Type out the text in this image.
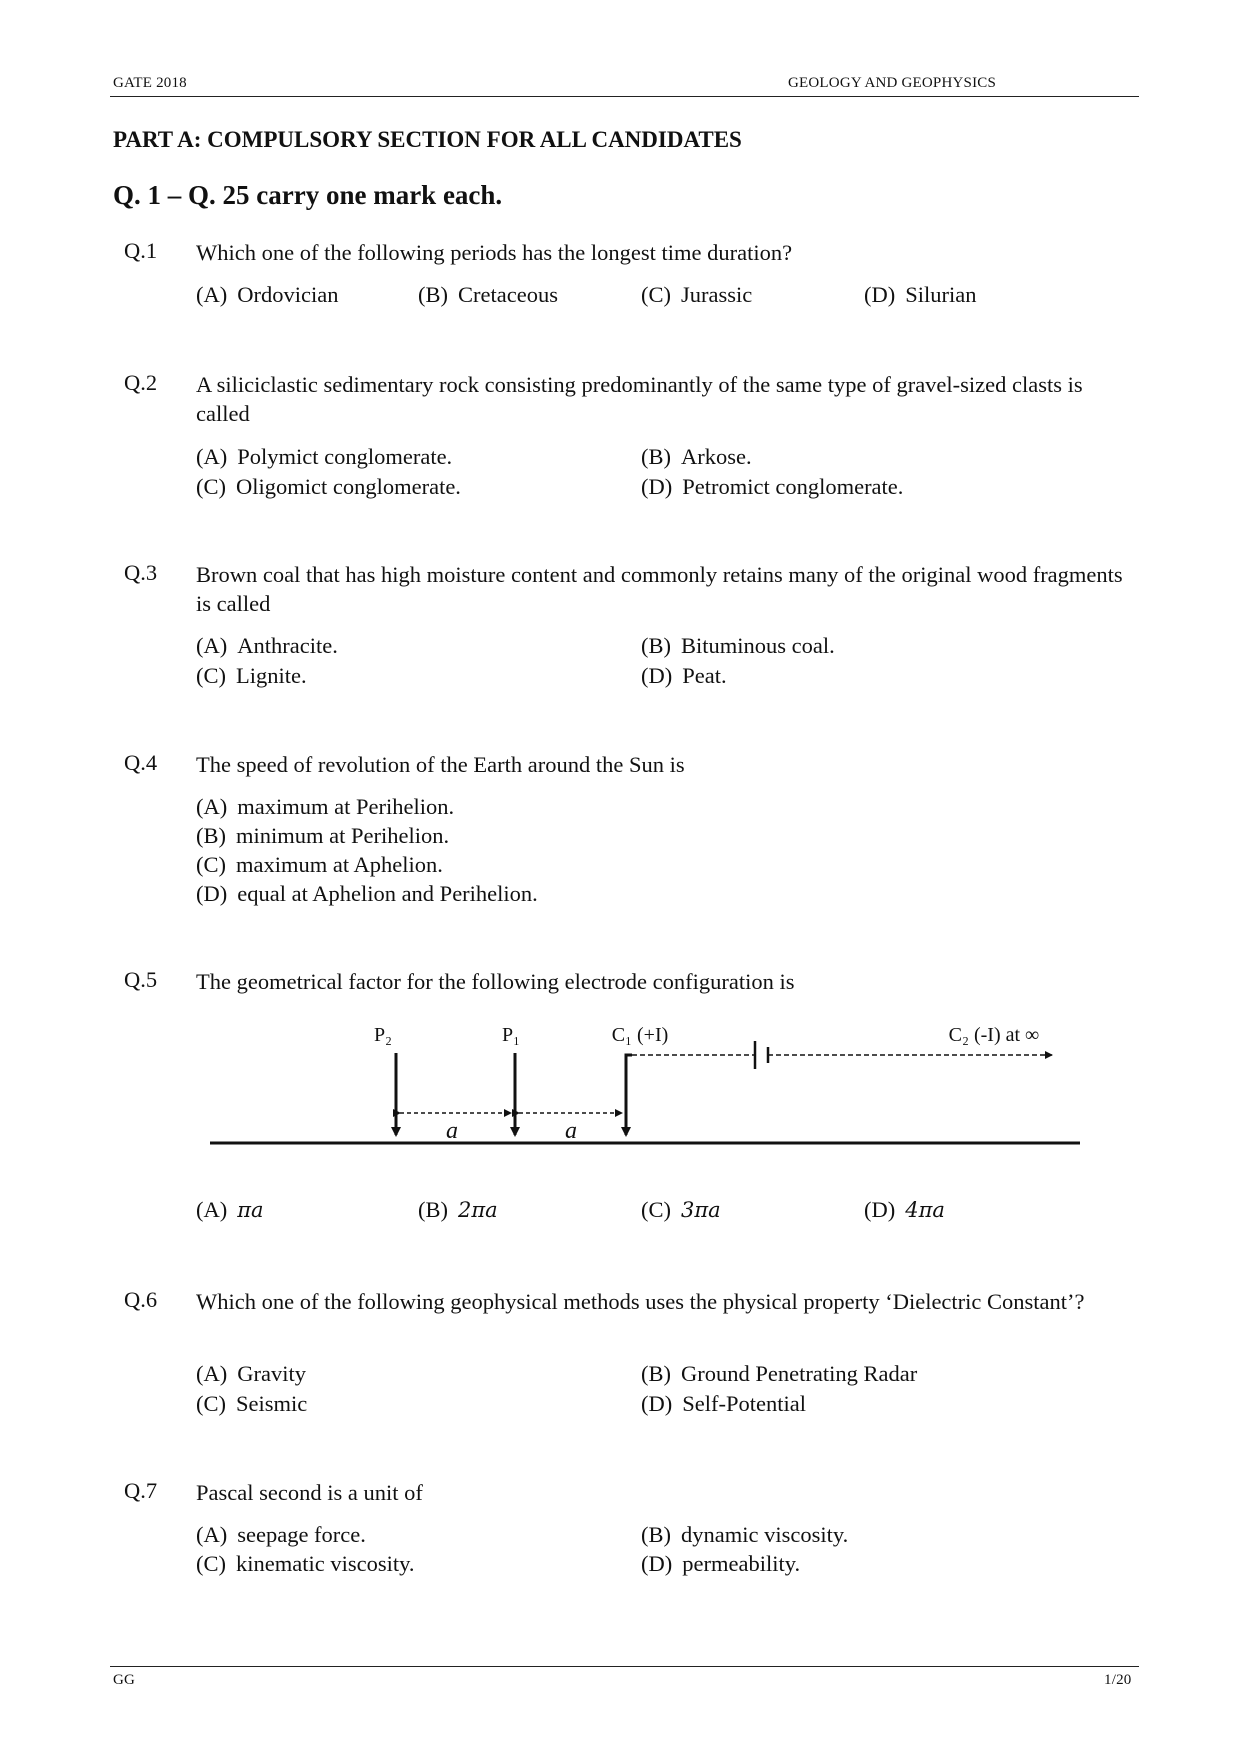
GATE 2018	GEOLOGY AND GEOPHYSICS
PART A: COMPULSORY SECTION FOR ALL CANDIDATES
Q. 1 – Q. 25 carry one mark each.
Q.1 Which one of the following periods has the longest time duration?
(A) Ordovician	(B) Cretaceous	(C) Jurassic	(D) Silurian
Q.2 A siliciclastic sedimentary rock consisting predominantly of the same type of gravel-sized clasts is called
(A) Polymict conglomerate.	(B) Arkose.
(C) Oligomict conglomerate.	(D) Petromict conglomerate.
Q.3 Brown coal that has high moisture content and commonly retains many of the original wood fragments is called
(A) Anthracite.	(B) Bituminous coal.
(C) Lignite.	(D) Peat.
Q.4 The speed of revolution of the Earth around the Sun is
(A) maximum at Perihelion.
(B) minimum at Perihelion.
(C) maximum at Aphelion.
(D) equal at Aphelion and Perihelion.
Q.5 The geometrical factor for the following electrode configuration is
P₂	P₁	C₁ (+I)	C₂ (-I) at ∞
a	a
(A) πa	(B) 2πa	(C) 3πa	(D) 4πa
Q.6 Which one of the following geophysical methods uses the physical property ‘Dielectric Constant’?
(A) Gravity	(B) Ground Penetrating Radar
(C) Seismic	(D) Self-Potential
Q.7 Pascal second is a unit of
(A) seepage force.	(B) dynamic viscosity.
(C) kinematic viscosity.	(D) permeability.
GG	1/20
